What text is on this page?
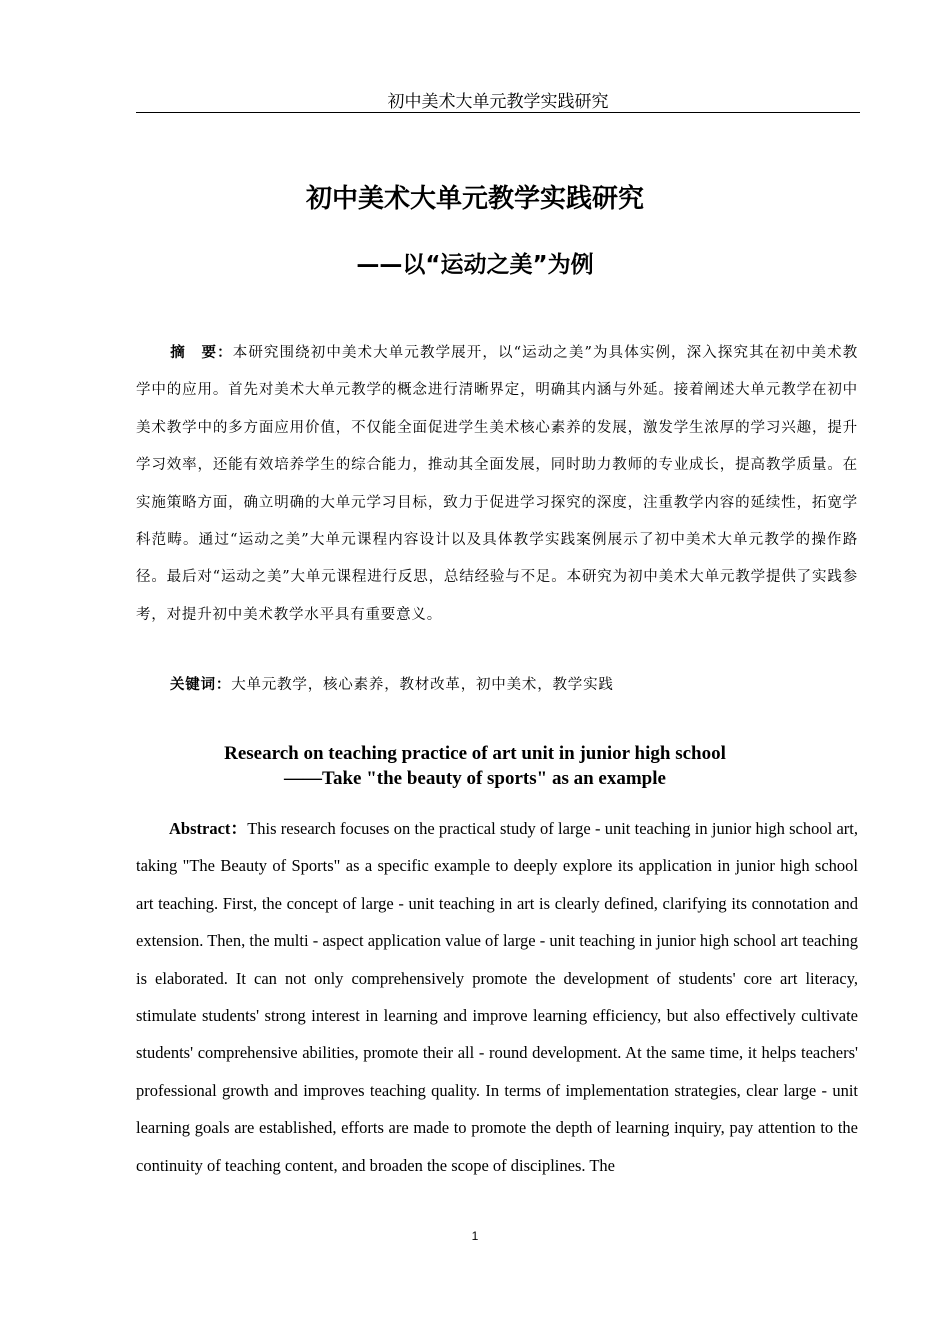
初中美术大单元教学实践研究
初中美术大单元教学实践研究
——以“运动之美”为例
摘　要：本研究围绕初中美术大单元教学展开，以“运动之美”为具体实例，深入探究其在初中美术教学中的应用。首先对美术大单元教学的概念进行清晰界定，明确其内涵与外延。接着阐述大单元教学在初中美术教学中的多方面应用价值，不仅能全面促进学生美术核心素养的发展，激发学生浓厚的学习兴趣，提升学习效率，还能有效培养学生的综合能力，推动其全面发展，同时助力教师的专业成长，提高教学质量。在实施策略方面，确立明确的大单元学习目标，致力于促进学习探究的深度，注重教学内容的延续性，拓宽学科范畴。通过“运动之美”大单元课程内容设计以及具体教学实践案例展示了初中美术大单元教学的操作路径。最后对“运动之美”大单元课程进行反思，总结经验与不足。本研究为初中美术大单元教学提供了实践参考，对提升初中美术教学水平具有重要意义。
关键词：大单元教学，核心素养，教材改革，初中美术，教学实践
Research on teaching practice of art unit in junior high school
——Take "the beauty of sports" as an example
Abstract：This research focuses on the practical study of large - unit teaching in junior high school art, taking "The Beauty of Sports" as a specific example to deeply explore its application in junior high school art teaching. First, the concept of large - unit teaching in art is clearly defined, clarifying its connotation and extension. Then, the multi - aspect application value of large - unit teaching in junior high school art teaching is elaborated. It can not only comprehensively promote the development of students' core art literacy, stimulate students' strong interest in learning and improve learning efficiency, but also effectively cultivate students' comprehensive abilities, promote their all - round development. At the same time, it helps teachers' professional growth and improves teaching quality. In terms of implementation strategies, clear large - unit learning goals are established, efforts are made to promote the depth of learning inquiry, pay attention to the continuity of teaching content, and broaden the scope of disciplines. The
1
